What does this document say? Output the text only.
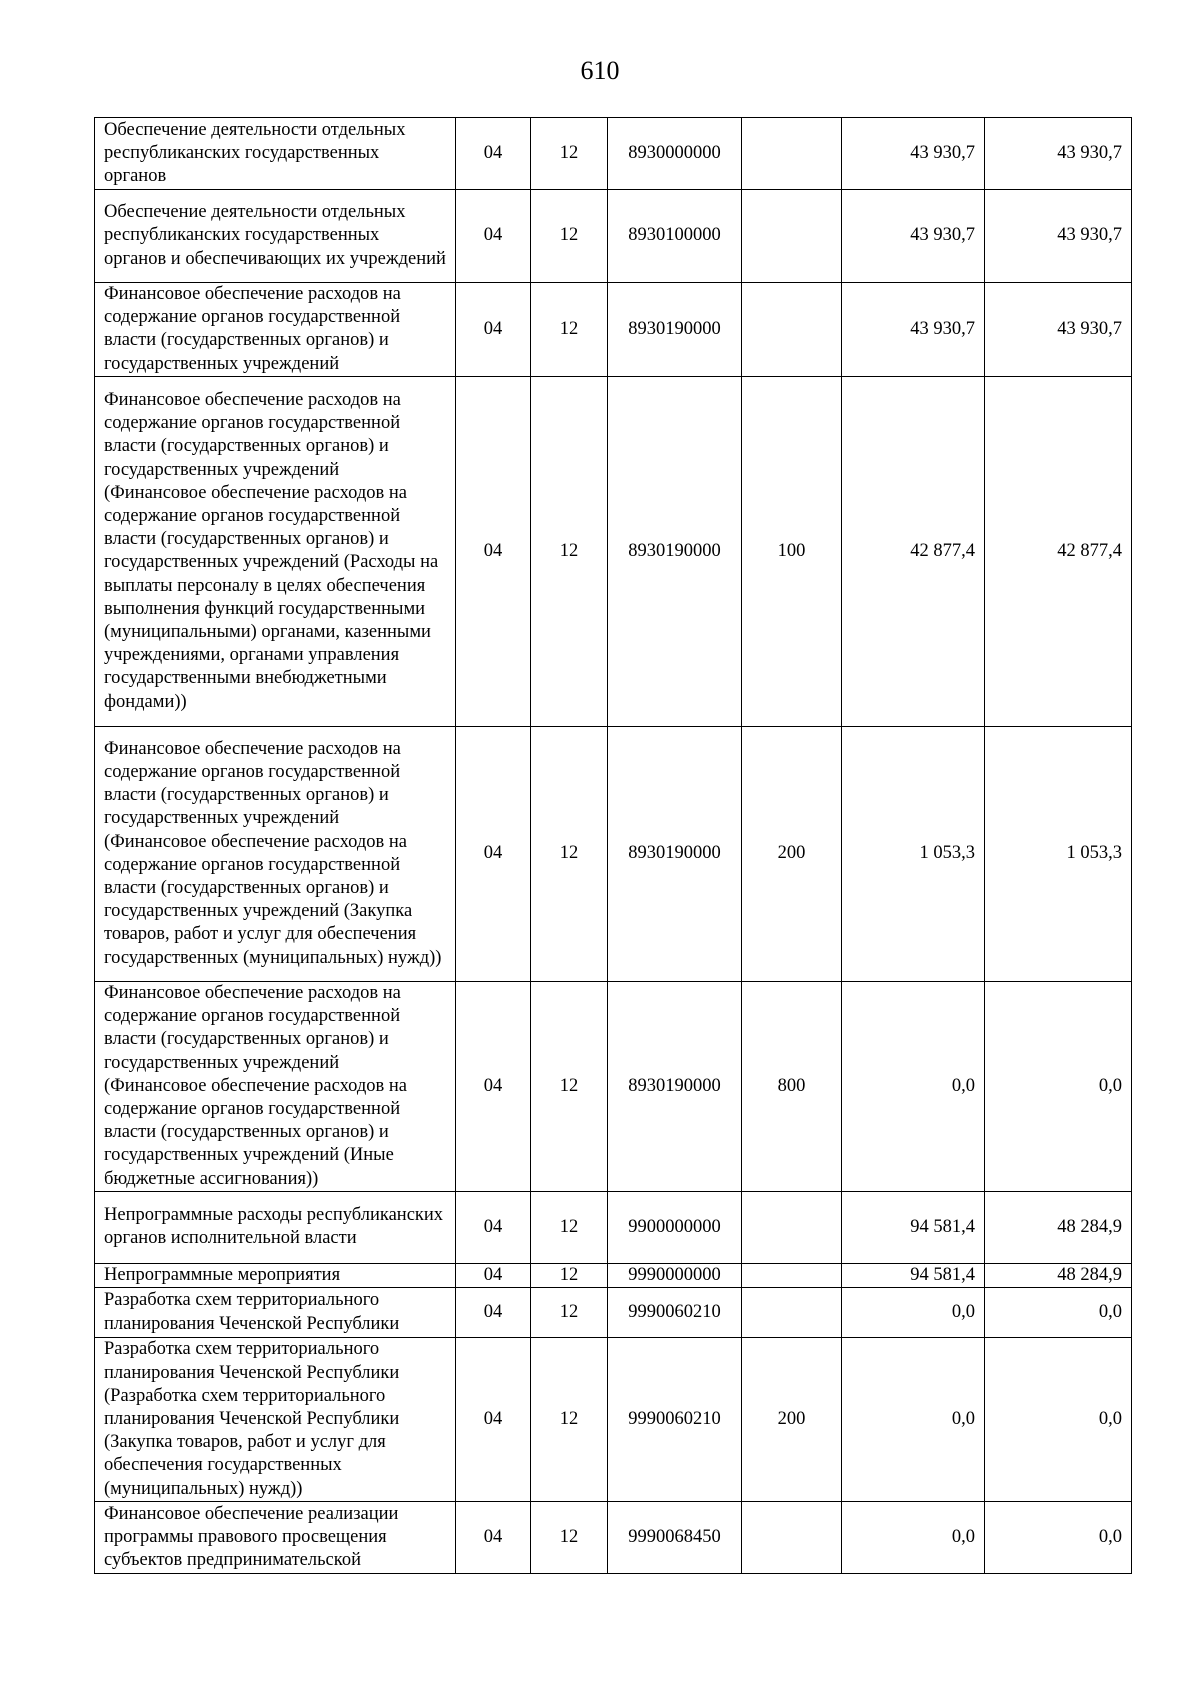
610
Обеспечение деятельности отдельных республиканских государственных органов	04	12	8930000000		43 930,7	43 930,7
Обеспечение деятельности отдельных республиканских государственных органов и обеспечивающих их учреждений	04	12	8930100000		43 930,7	43 930,7
Финансовое обеспечение расходов на содержание органов государственной власти (государственных органов) и государственных учреждений	04	12	8930190000		43 930,7	43 930,7
Финансовое обеспечение расходов на содержание органов государственной власти (государственных органов) и государственных учреждений (Финансовое обеспечение расходов на содержание органов государственной власти (государственных органов) и государственных учреждений (Расходы на выплаты персоналу в целях обеспечения выполнения функций государственными (муниципальными) органами, казенными учреждениями, органами управления государственными внебюджетными фондами))	04	12	8930190000	100	42 877,4	42 877,4
Финансовое обеспечение расходов на содержание органов государственной власти (государственных органов) и государственных учреждений (Финансовое обеспечение расходов на содержание органов государственной власти (государственных органов) и государственных учреждений (Закупка товаров, работ и услуг для обеспечения государственных (муниципальных) нужд))	04	12	8930190000	200	1 053,3	1 053,3
Финансовое обеспечение расходов на содержание органов государственной власти (государственных органов) и государственных учреждений (Финансовое обеспечение расходов на содержание органов государственной власти (государственных органов) и государственных учреждений (Иные бюджетные ассигнования))	04	12	8930190000	800	0,0	0,0
Непрограммные расходы республиканских органов исполнительной власти	04	12	9900000000		94 581,4	48 284,9
Непрограммные мероприятия	04	12	9990000000		94 581,4	48 284,9
Разработка схем территориального планирования Чеченской Республики	04	12	9990060210		0,0	0,0
Разработка схем территориального планирования Чеченской Республики (Разработка схем территориального планирования Чеченской Республики (Закупка товаров, работ и услуг для обеспечения государственных (муниципальных) нужд))	04	12	9990060210	200	0,0	0,0
Финансовое обеспечение реализации программы правового просвещения субъектов предпринимательской	04	12	9990068450		0,0	0,0
